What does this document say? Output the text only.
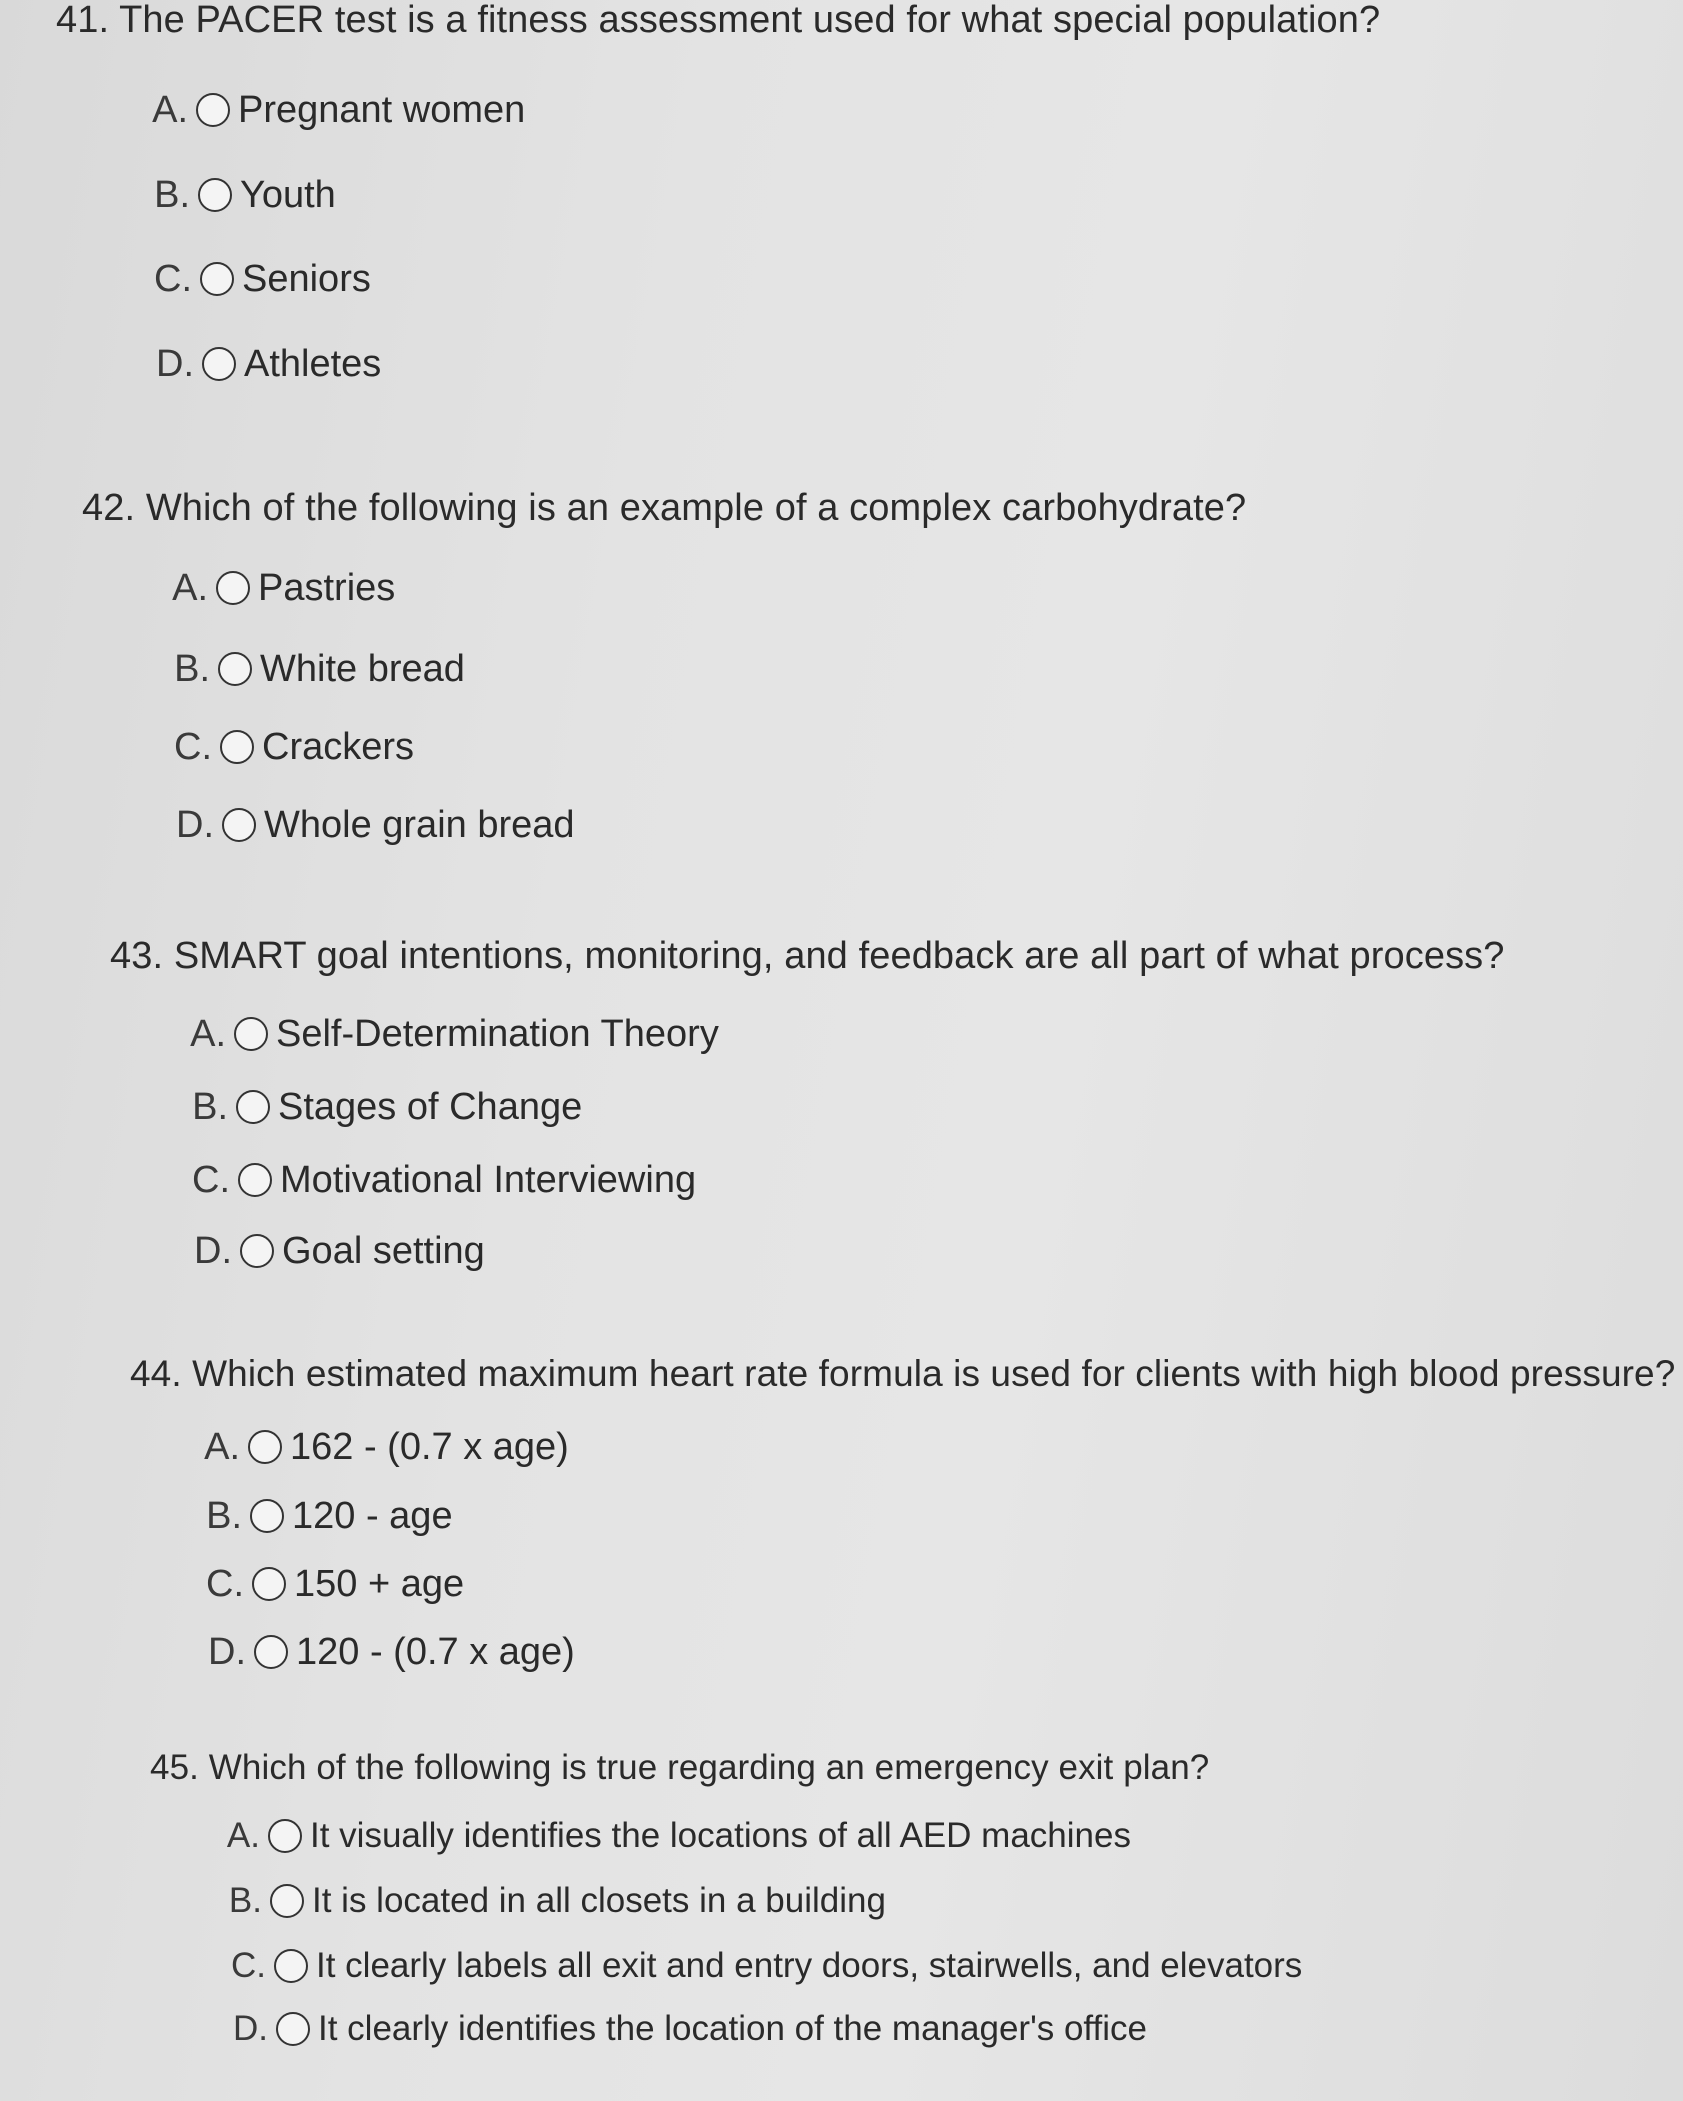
41. The PACER test is a fitness assessment used for what special population?
A. Pregnant women
B. Youth
C. Seniors
D. Athletes
42. Which of the following is an example of a complex carbohydrate?
A. Pastries
B. White bread
C. Crackers
D. Whole grain bread
43. SMART goal intentions, monitoring, and feedback are all part of what process?
A. Self-Determination Theory
B. Stages of Change
C. Motivational Interviewing
D. Goal setting
44. Which estimated maximum heart rate formula is used for clients with high blood pressure?
A. 162 - (0.7 x age)
B. 120 - age
C. 150 + age
D. 120 - (0.7 x age)
45. Which of the following is true regarding an emergency exit plan?
A. It visually identifies the locations of all AED machines
B. It is located in all closets in a building
C. It clearly labels all exit and entry doors, stairwells, and elevators
D. It clearly identifies the location of the manager's office
